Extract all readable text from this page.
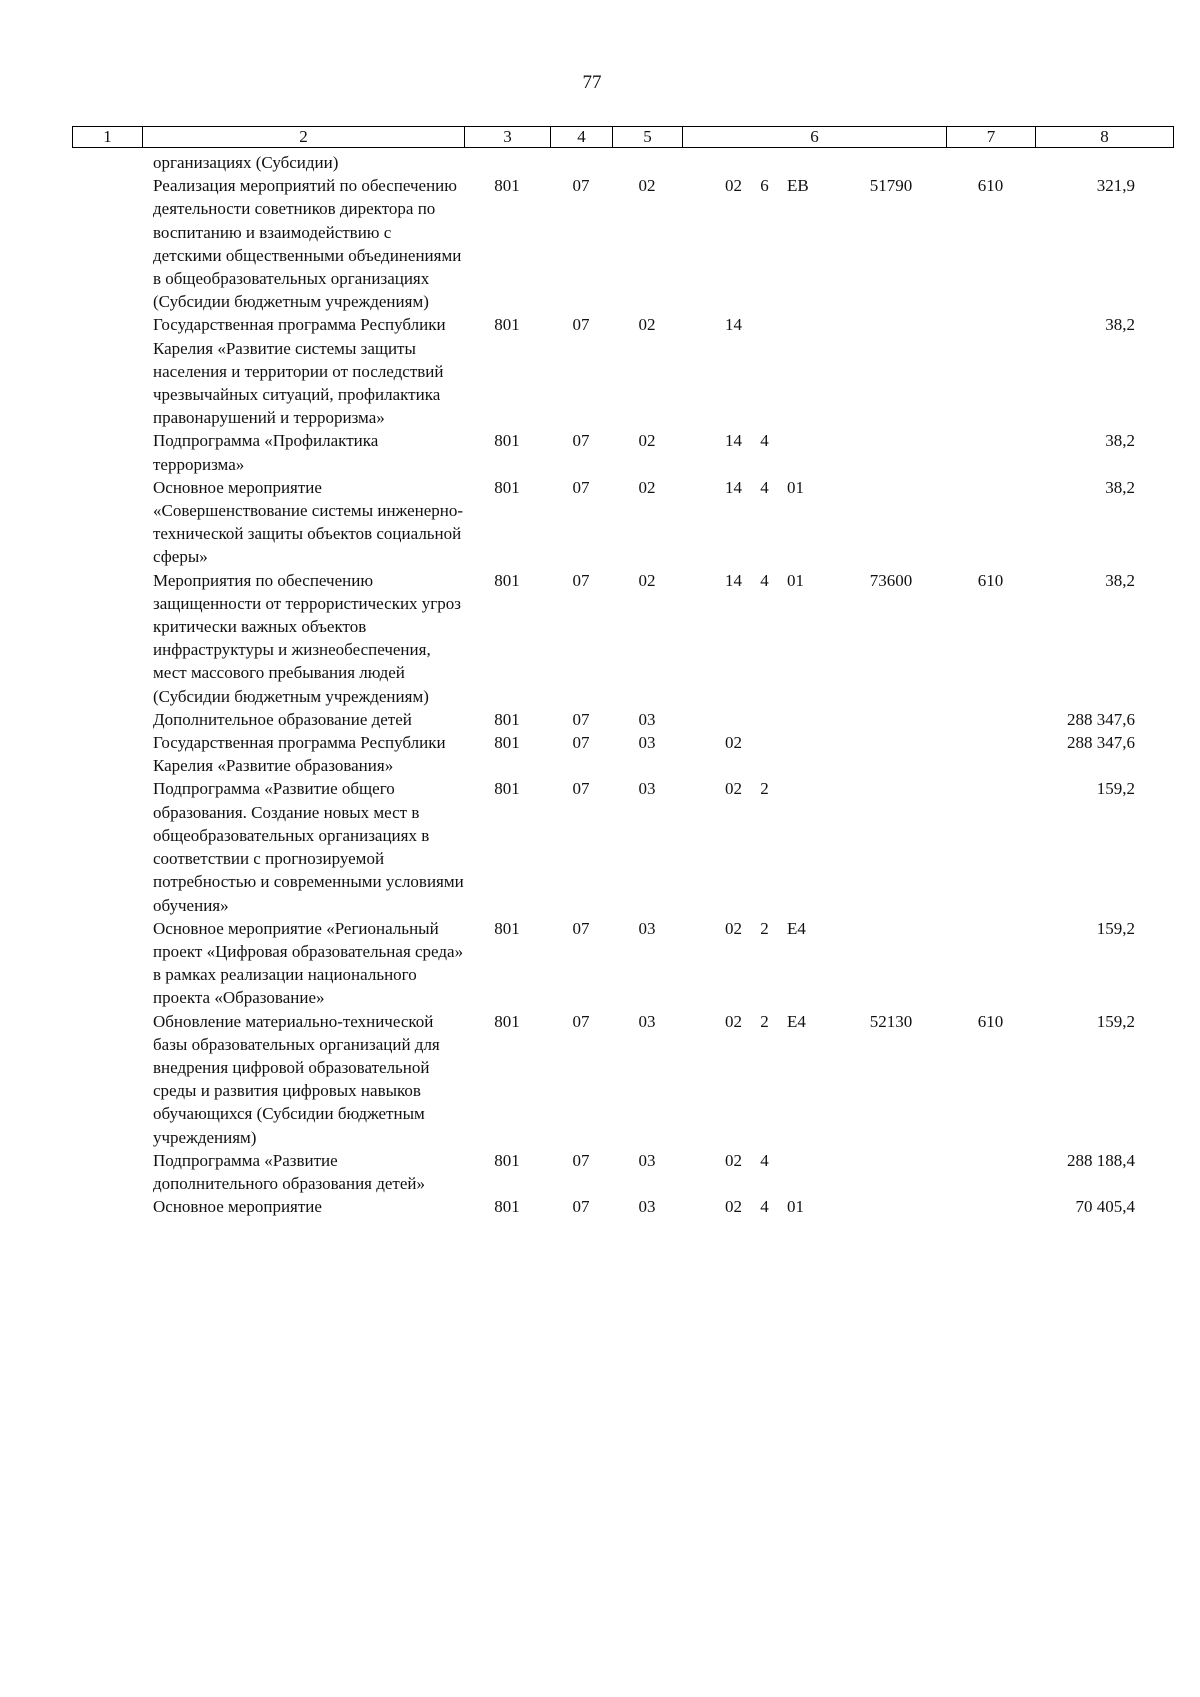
77
1	2	3	4	5	6	7	8
	организациях (Субсидии)									
	Реализация мероприятий по обеспечению деятельности советников директора по воспитанию и взаимодействию с детскими общественными объединениями в общеобразовательных организациях (Субсидии бюджетным учреждениям)	801	07	02	02	6	EB	51790	610	321,9
	Государственная программа Республики Карелия «Развитие системы защиты населения и территории от последствий чрезвычайных ситуаций, профилактика правонарушений и терроризма»	801	07	02	14					38,2
	Подпрограмма «Профилактика терроризма»	801	07	02	14	4				38,2
	Основное мероприятие «Совершенствование системы инженерно-технической защиты объектов социальной сферы»	801	07	02	14	4	01			38,2
	Мероприятия по обеспечению защищенности от террористических угроз критически важных объектов инфраструктуры и жизнеобеспечения, мест массового пребывания людей (Субсидии бюджетным учреждениям)	801	07	02	14	4	01	73600	610	38,2
	Дополнительное образование детей	801	07	03						288 347,6
	Государственная программа Республики Карелия «Развитие образования»	801	07	03	02					288 347,6
	Подпрограмма «Развитие общего образования. Создание новых мест в общеобразовательных организациях в соответствии с прогнозируемой потребностью и современными условиями обучения»	801	07	03	02	2				159,2
	Основное мероприятие «Региональный проект «Цифровая образовательная среда» в рамках реализации национального проекта «Образование»	801	07	03	02	2	E4			159,2
	Обновление материально-технической базы образовательных организаций для внедрения цифровой образовательной среды и развития цифровых навыков обучающихся (Субсидии бюджетным учреждениям)	801	07	03	02	2	E4	52130	610	159,2
	Подпрограмма «Развитие дополнительного образования детей»	801	07	03	02	4				288 188,4
	Основное мероприятие	801	07	03	02	4	01			70 405,4
